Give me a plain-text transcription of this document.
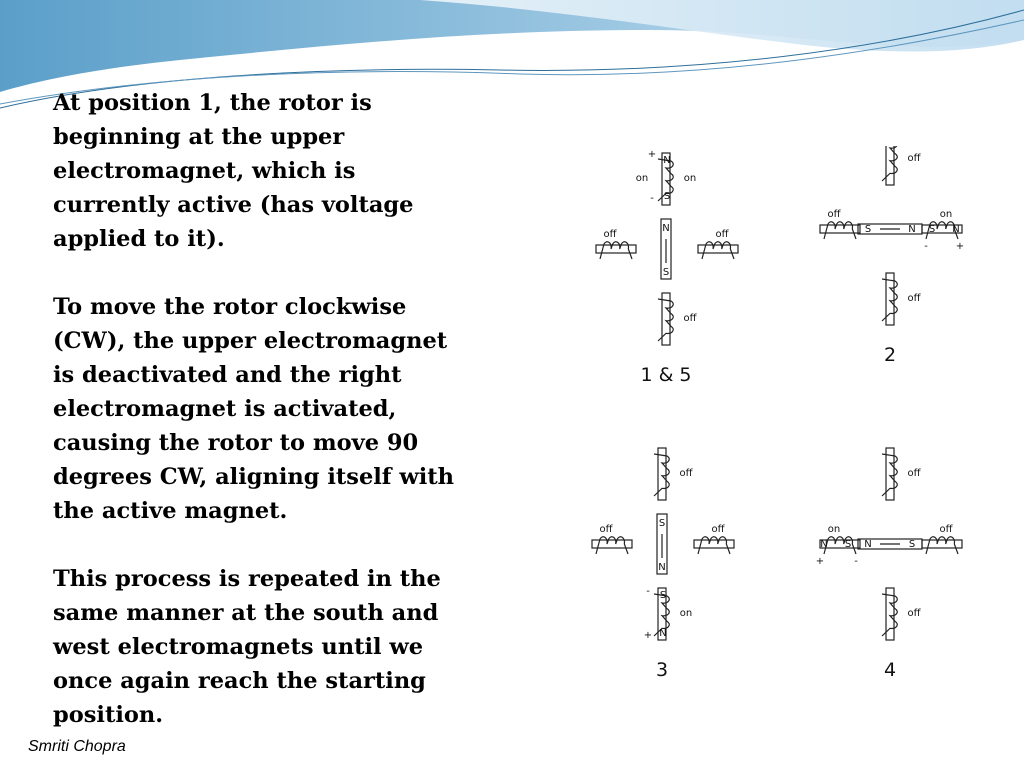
At position 1, the rotor is beginning at the upper electromagnet, which is currently active (has voltage applied to it).

To move the rotor clockwise (CW), the upper electromagnet is deactivated and the right electromagnet is activated, causing the rotor to move 90 degrees CW, aligning itself with the active magnet.

This process is repeated in the same manner at the south and west electromagnets until we once again reach the starting position.

on
off
off	off
N
S
N
S
on
+
-
1 & 5
off
off
off	on
S	N S N
-	+
2
off
on
off	off
S
N
S
N
-
+
3
off
off
on	off
N	S
N S
+	-
4
Smriti Chopra
